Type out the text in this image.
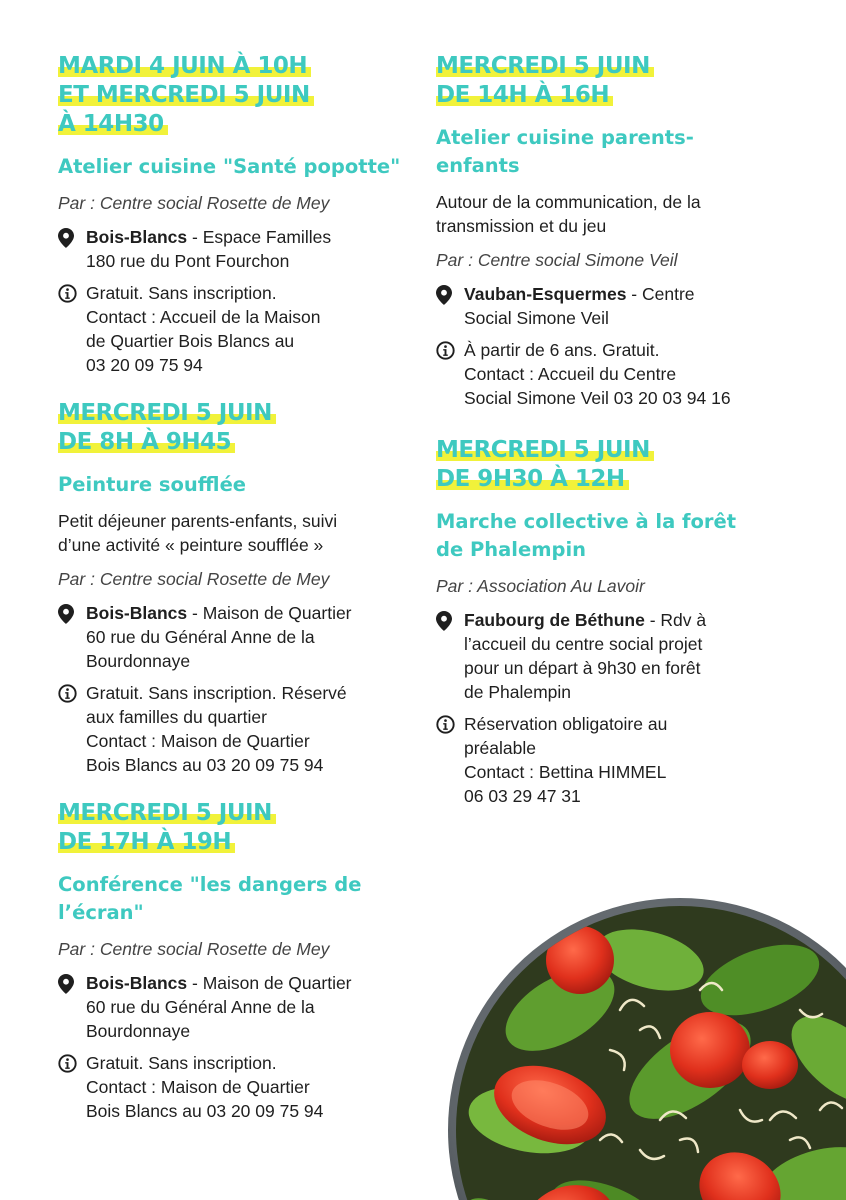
MARDI 4 JUIN À 10H
ET MERCREDI 5 JUIN
À 14H30
Atelier cuisine "Santé popotte"
Par : Centre social Rosette de Mey
Bois-Blancs - Espace Familles
180 rue du Pont Fourchon
Gratuit. Sans inscription.
Contact : Accueil de la Maison
de Quartier Bois Blancs au
03 20 09 75 94
MERCREDI 5 JUIN
DE 8H À 9H45
Peinture soufflée
Petit déjeuner parents-enfants, suivi
d’une activité « peinture soufflée »
Par : Centre social Rosette de Mey
Bois-Blancs - Maison de Quartier
60 rue du Général Anne de la
Bourdonnaye
Gratuit. Sans inscription. Réservé
aux familles du quartier
Contact : Maison de Quartier
Bois Blancs au 03 20 09 75 94
MERCREDI 5 JUIN
DE 17H À 19H
Conférence "les dangers de
l’écran"
Par : Centre social Rosette de Mey
Bois-Blancs - Maison de Quartier
60 rue du Général Anne de la
Bourdonnaye
Gratuit. Sans inscription.
Contact : Maison de Quartier
Bois Blancs au 03 20 09 75 94
MERCREDI 5 JUIN
DE 14H À 16H
Atelier cuisine parents-
enfants
Autour de la communication, de la
transmission et du jeu
Par : Centre social Simone Veil
Vauban-Esquermes - Centre
Social Simone Veil
À partir de 6 ans. Gratuit.
Contact : Accueil du Centre
Social Simone Veil 03 20 03 94 16
MERCREDI 5 JUIN
DE 9H30 À 12H
Marche collective à la forêt
de Phalempin
Par : Association Au Lavoir
Faubourg de Béthune - Rdv à
l’accueil du centre social projet
pour un départ à 9h30 en forêt
de Phalempin
Réservation obligatoire au
préalable
Contact : Bettina HIMMEL
06 03 29 47 31
